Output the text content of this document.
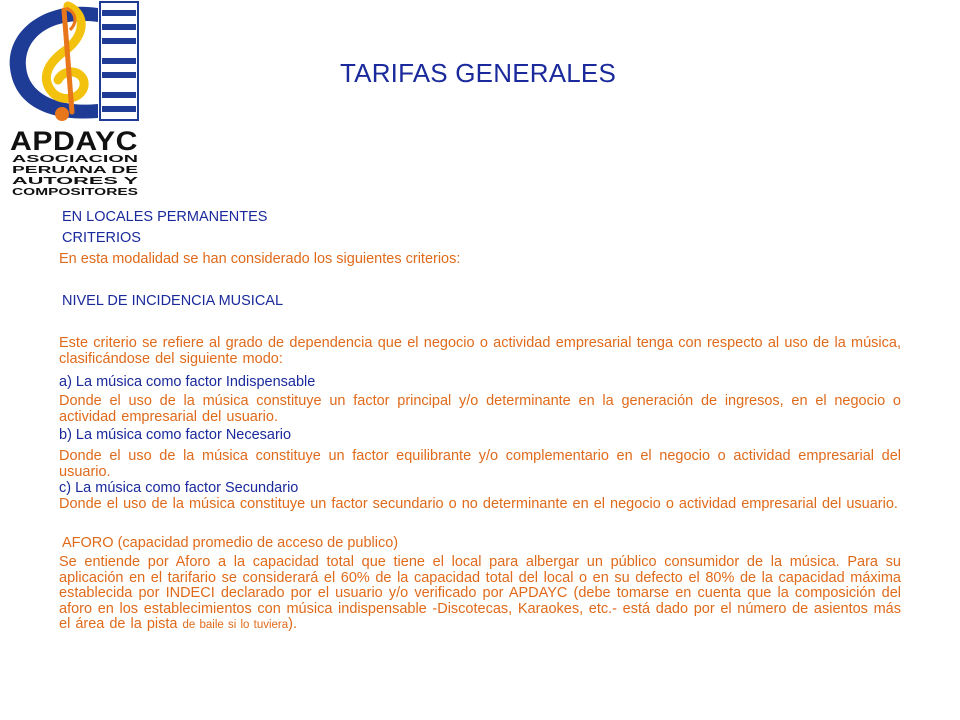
APDAYC
ASOCIACION
PERUANA DE
AUTORES Y
COMPOSITORES
TARIFAS GENERALES
EN LOCALES PERMANENTES
CRITERIOS
En esta modalidad se han considerado los siguientes criterios:
NIVEL DE INCIDENCIA MUSICAL
Este criterio se refiere al grado de dependencia que el negocio o actividad empresarial tenga con respecto al uso de la música, clasificándose del siguiente modo:
a) La música como factor Indispensable
Donde el uso de la música constituye un factor principal y/o determinante en la generación de ingresos, en el negocio o actividad empresarial del usuario.
b) La música como factor Necesario
Donde el uso de la música constituye un factor equilibrante y/o complementario en el negocio o actividad empresarial del usuario.
c) La música como factor Secundario
Donde el uso de la música constituye un factor secundario o no determinante en el negocio o actividad empresarial del usuario.
AFORO (capacidad promedio de acceso de publico)
Se entiende por Aforo a la capacidad total que tiene el local para albergar un público consumidor de la música. Para su aplicación en el tarifario se considerará el 60% de la capacidad total del local o en su defecto el 80% de la capacidad máxima establecida por INDECI declarado por el usuario y/o verificado por APDAYC (debe tomarse en cuenta que la composición del aforo en los establecimientos con música indispensable -Discotecas, Karaokes, etc.- está dado por el número de asientos más el área de la pista de baile si lo tuviera).
